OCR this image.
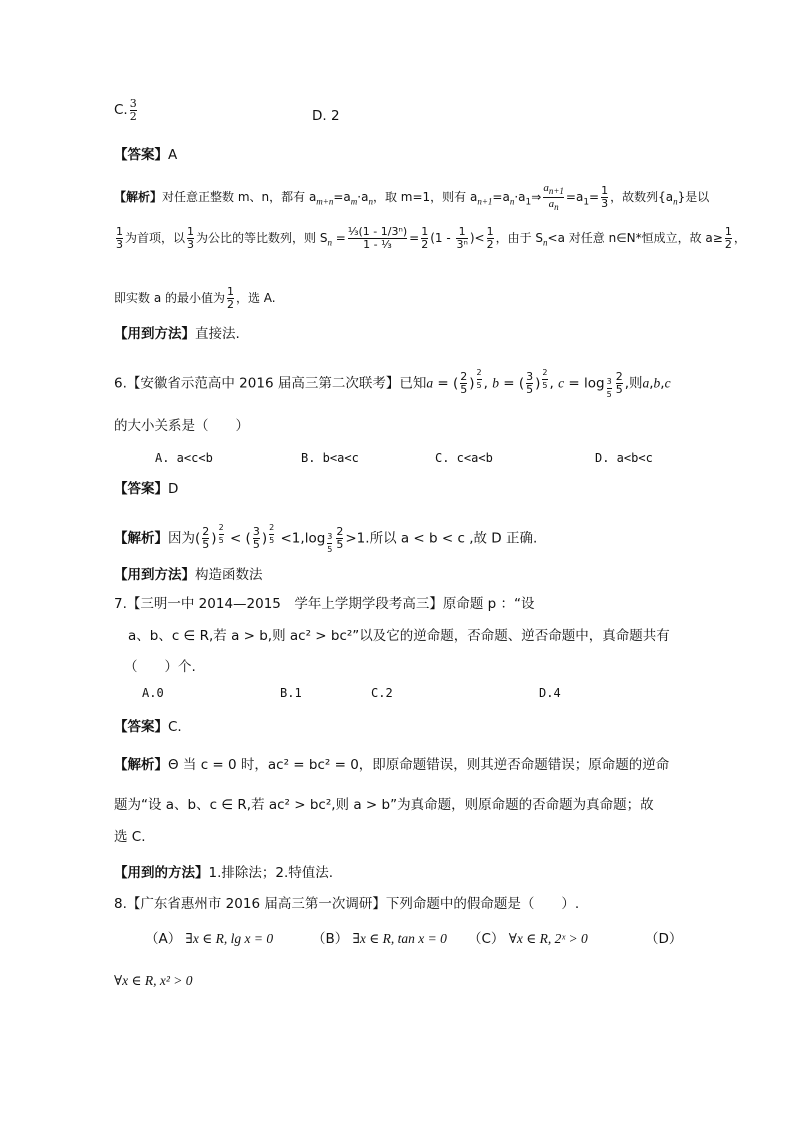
C. $\frac{3}{2}$	D. 2
【答案】A
【解析】对任意正整数 m、n，都有 $a_{m+n}=a_m\cdot a_n$，取 m=1，则有 $a_{n+1}=a_n\cdot a_1\Rightarrow \frac{a_{n+1}}{a_n} =a_1= \frac{1}{3}$ ，故数列$\{a_n\}$是以
$\frac{1}{3}$ 为首项，以 $\frac{1}{3}$ 为公比的等比数列，则 $S_n = \frac{\text{⅓(1 - 1/3ⁿ)}}{\text{1 - ⅓}} = \frac{1}{2} (1 - \frac{1}{\text{3ⁿ}}$ )< $\frac{1}{2}$ ，由于 $S_n<a$ 对任意 n∈N*恒成立，故 $a\ge \frac{1}{2}$ ，
即实数 a 的最小值为 $\frac{1}{2}$ ，选 A.
【用到方法】直接法.
6.【安徽省示范高中 2016 届高三第二次联考】已知a = ( $\frac{2}{5}$ ) $^{\frac{2}{5}}$ , b = ( $\frac{3}{5}$ ) $^{\frac{2}{5}}$ , $c = \log _{\frac{3}{5}} \frac{2}{5}$ ,则a,b,c
的大小关系是（　　）
A. a<c<b	B. b<a<c	C. c<a<b	D. a<b<c
【答案】D
【解析】因为( $\frac{2}{5}$ ) $^{\frac{2}{5}}$ < ( $\frac{3}{5}$ ) $^{\frac{2}{5}}$ <1,log $_{\frac{3}{5}} \frac{2}{5} >1$.所以 a < b < c ,故 D 正确.
【用到方法】构造函数法
7.【三明一中 2014—2015　学年上学期学段考高三】原命题 p ：“设
a、b、c ∈ R,若 a > b,则 ac² > bc²”以及它的逆命题，否命题、逆否命题中，真命题共有
（　　）个.
A.0	B.1	C.2	D.4
【答案】C.
【解析】Θ 当 c = 0 时，ac² = bc² = 0，即原命题错误，则其逆否命题错误；原命题的逆命
题为“设 a、b、c ∈ R,若 ac² > bc²,则 a > b”为真命题，则原命题的否命题为真命题；故
选 C.
【用到的方法】1.排除法；2.特值法.
8.【广东省惠州市 2016 届高三第一次调研】下列命题中的假命题是（　　）.
（A） ∃x ∈ R, lg x = 0	（B） ∃x ∈ R, tan x = 0 （C） ∀x ∈ R, 2ˣ > 0	（D）
∀x ∈ R, x² > 0
